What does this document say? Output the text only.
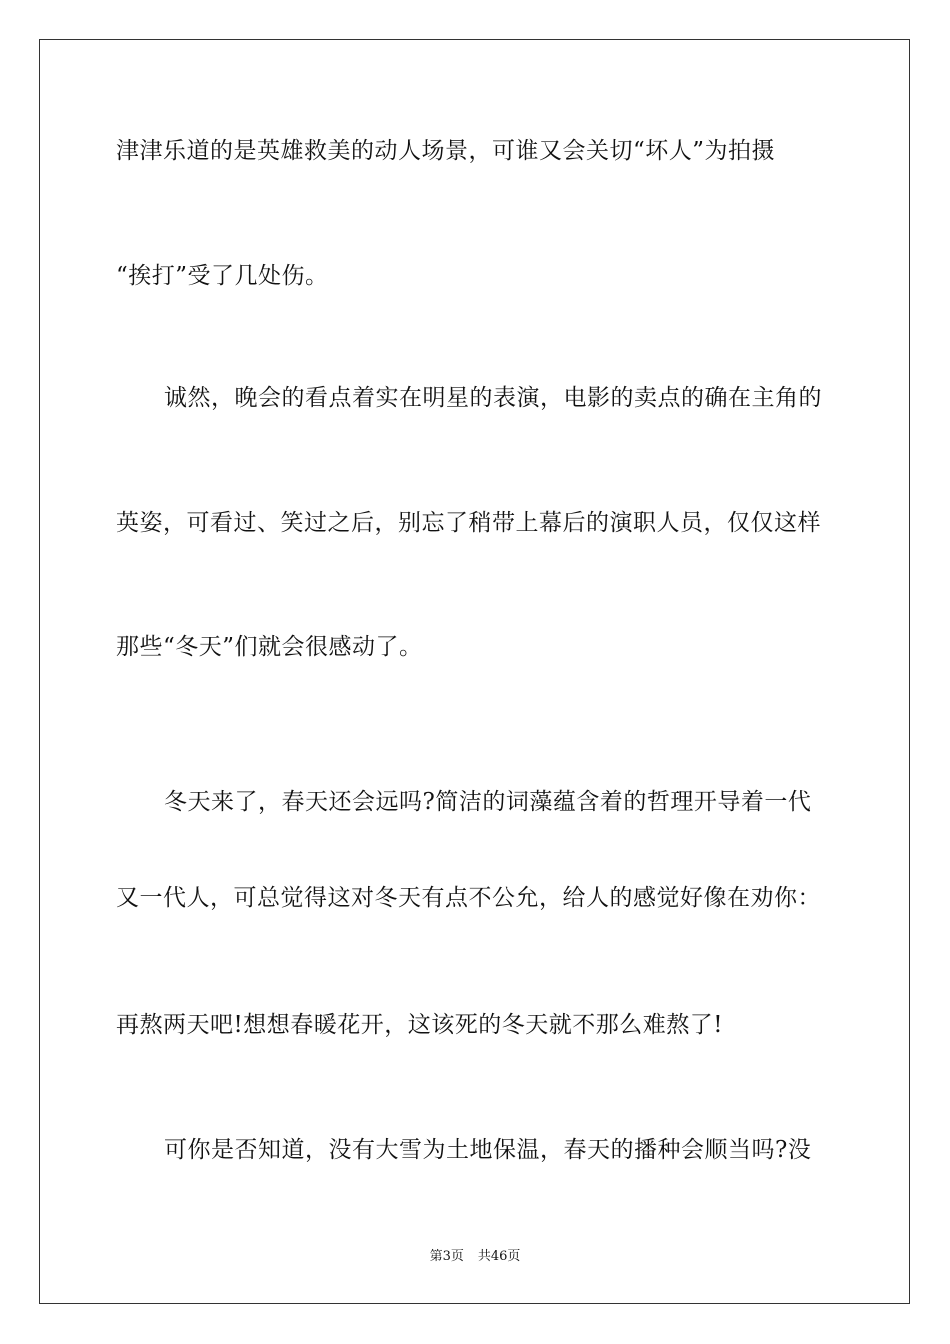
津津乐道的是英雄救美的动人场景，可谁又会关切“坏人”为拍摄
“挨打”受了几处伤。
诚然，晚会的看点着实在明星的表演，电影的卖点的确在主角的
英姿，可看过、笑过之后，别忘了稍带上幕后的演职人员，仅仅这样
那些“冬天”们就会很感动了。
冬天来了，春天还会远吗?简洁的词藻蕴含着的哲理开导着一代
又一代人，可总觉得这对冬天有点不公允，给人的感觉好像在劝你：
再熬两天吧!想想春暖花开，这该死的冬天就不那么难熬了!
可你是否知道，没有大雪为土地保温，春天的播种会顺当吗?没
第3页 共46页
